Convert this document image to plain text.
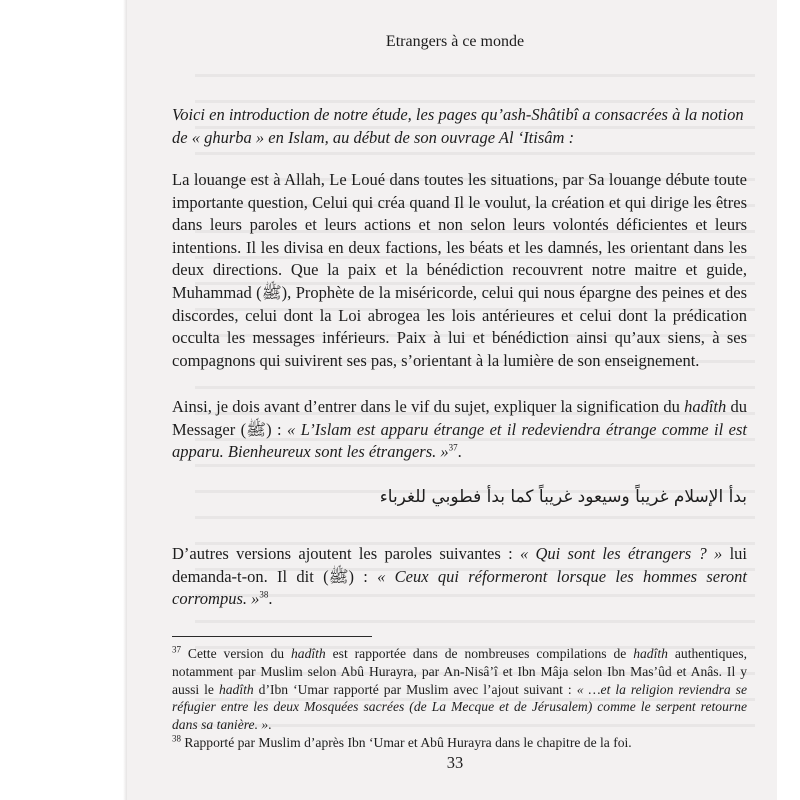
Etrangers à ce monde
Voici en introduction de notre étude, les pages qu’ash-Shâtibî a consacrées à la notion de « ghurba » en Islam, au début de son ouvrage Al ‘Itisâm :
La louange est à Allah, Le Loué dans toutes les situations, par Sa louange débute toute importante question, Celui qui créa quand Il le voulut, la création et qui dirige les êtres dans leurs paroles et leurs actions et non selon leurs volontés déficientes et leurs intentions. Il les divisa en deux factions, les béats et les damnés, les orientant dans les deux directions. Que la paix et la bénédiction recouvrent notre maitre et guide, Muhammad (ﷺ), Prophète de la miséricorde, celui qui nous épargne des peines et des discordes, celui dont la Loi abrogea les lois antérieures et celui dont la prédication occulta les messages inférieurs. Paix à lui et bénédiction ainsi qu’aux siens, à ses compagnons qui suivirent ses pas, s’orientant à la lumière de son enseignement.
Ainsi, je dois avant d’entrer dans le vif du sujet, expliquer la signification du hadîth du Messager (ﷺ) : « L’Islam est apparu étrange et il redeviendra étrange comme il est apparu. Bienheureux sont les étrangers. »$^{37}$.
بدأ الإسلام غريباً وسيعود غريباً كما بدأ فطوبي للغرباء
D’autres versions ajoutent les paroles suivantes : « Qui sont les étrangers ? » lui demanda-t-on. Il dit (ﷺ) : « Ceux qui réformeront lorsque les hommes seront corrompus. »$^{38}$.
$^{37}$ Cette version du hadîth est rapportée dans de nombreuses compilations de hadîth authentiques, notamment par Muslim selon Abû Hurayra, par An-Nisâ’î et Ibn Mâja selon Ibn Mas’ûd et Anâs. Il y aussi le hadîth d’Ibn ‘Umar rapporté par Muslim avec l’ajout suivant : « …et la religion reviendra se réfugier entre les deux Mosquées sacrées (de La Mecque et de Jérusalem) comme le serpent retourne dans sa tanière. ».
$^{38}$ Rapporté par Muslim d’après Ibn ‘Umar et Abû Hurayra dans le chapitre de la foi.
33
